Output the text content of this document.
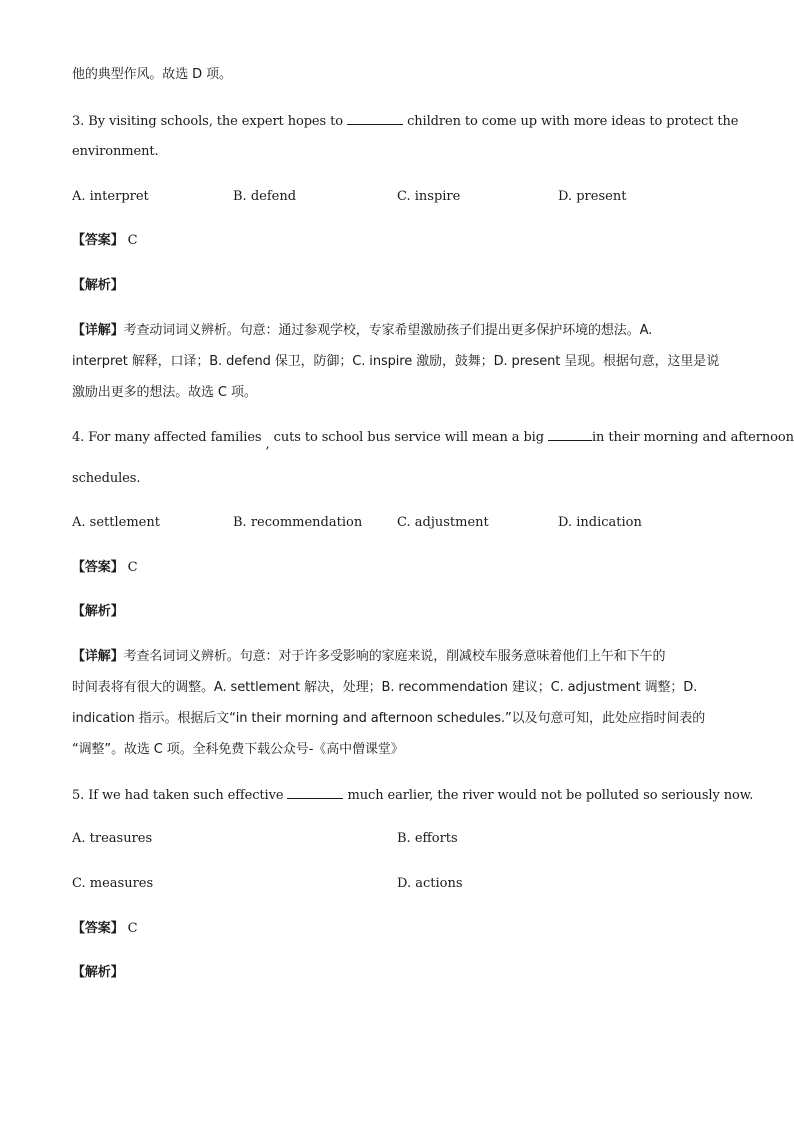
他的典型作风。故选 D 项。
3. By visiting schools, the expert hopes to	children to come up with more ideas to protect the
environment.
A. interpret	B. defend	C. inspire	D. present
【答案】 C
【解析】
【详解】考查动词词义辨析。句意：通过参观学校，专家希望激励孩子们提出更多保护环境的想法。A.
interpret 解释，口译；B. defend 保卫，防御；C. inspire 激励，鼓舞；D. present 呈现。根据句意，这里是说
激励出更多的想法。故选 C 项。
4. For many affected families , cuts to school bus service will mean a big	in their morning and afternoon
schedules.
A. settlement	B. recommendation	C. adjustment	D. indication
【答案】 C
【解析】
【详解】考查名词词义辨析。句意：对于许多受影响的家庭来说，削减校车服务意味着他们上午和下午的
时间表将有很大的调整。A. settlement 解决，处理；B. recommendation 建议；C. adjustment 调整；D.
indication 指示。根据后文“in their morning and afternoon schedules.”以及句意可知，此处应指时间表的
“调整”。故选 C 项。全科免费下载公众号-《高中僧课堂》
5. If we had taken such effective	much earlier, the river would not be polluted so seriously now.
A. treasures	B. efforts
C. measures	D. actions
【答案】 C
【解析】
